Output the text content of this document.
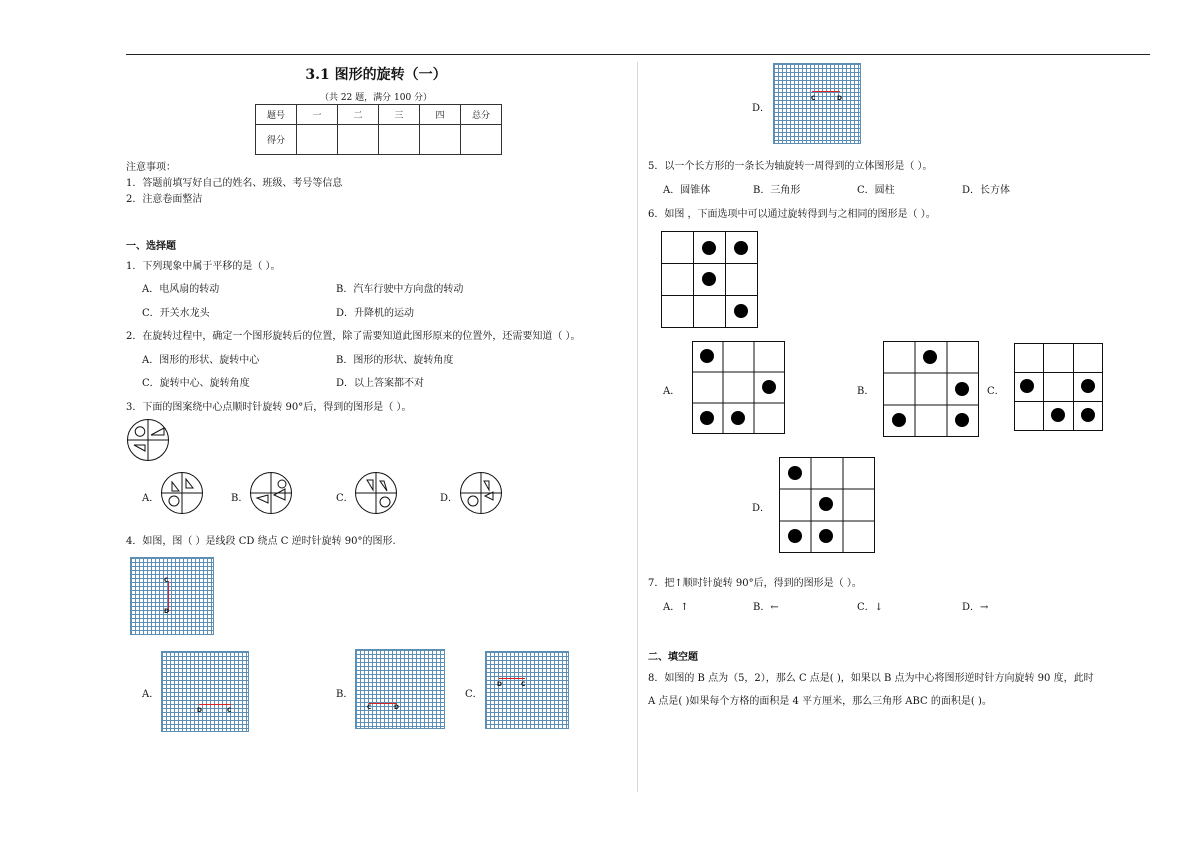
3.1 图形的旋转（一）
（共 22 题，满分 100 分）
题号	一	二	三	四	总分
得分					
注意事项：
1．答题前填写好自己的姓名、班级、考号等信息
2．注意卷面整洁
一、选择题
1．下列现象中属于平移的是（ ）。
A．电风扇的转动	B．汽车行驶中方向盘的转动
C．开关水龙头	D．升降机的运动
2．在旋转过程中，确定一个图形旋转后的位置，除了需要知道此图形原来的位置外，还需要知道（ ）。
A．图形的形状、旋转中心	B．图形的形状、旋转角度
C．旋转中心、旋转角度	D．以上答案都不对
3．下面的图案绕中心点顺时针旋转 90°后，得到的图形是（ ）。
A．	B．	C．	D．
4．如图，图（ ）是线段 CD 绕点 C 逆时针旋转 90°的图形.
C
D
A．
D	C
B．
C	D
C．
D	C
D．
C	D
5．以一个长方形的一条长为轴旋转一周得到的立体图形是（ ）。
A．圆锥体	B．三角形	C．圆柱	D．长方体
6．如图 ，下面选项中可以通过旋转得到与之相同的图形是（ ）。
A．	B．	C．
D．
7．把↑顺时针旋转 90°后，得到的图形是（ ）。
A．↑	B．←	C．↓	D．→
二、填空题
8．如图的 B 点为（5，2），那么 C 点是( )，如果以 B 点为中心将图形逆时针方向旋转 90 度，此时
A 点是( )如果每个方格的面积是 4 平方厘米，那么三角形 ABC 的面积是( )。
